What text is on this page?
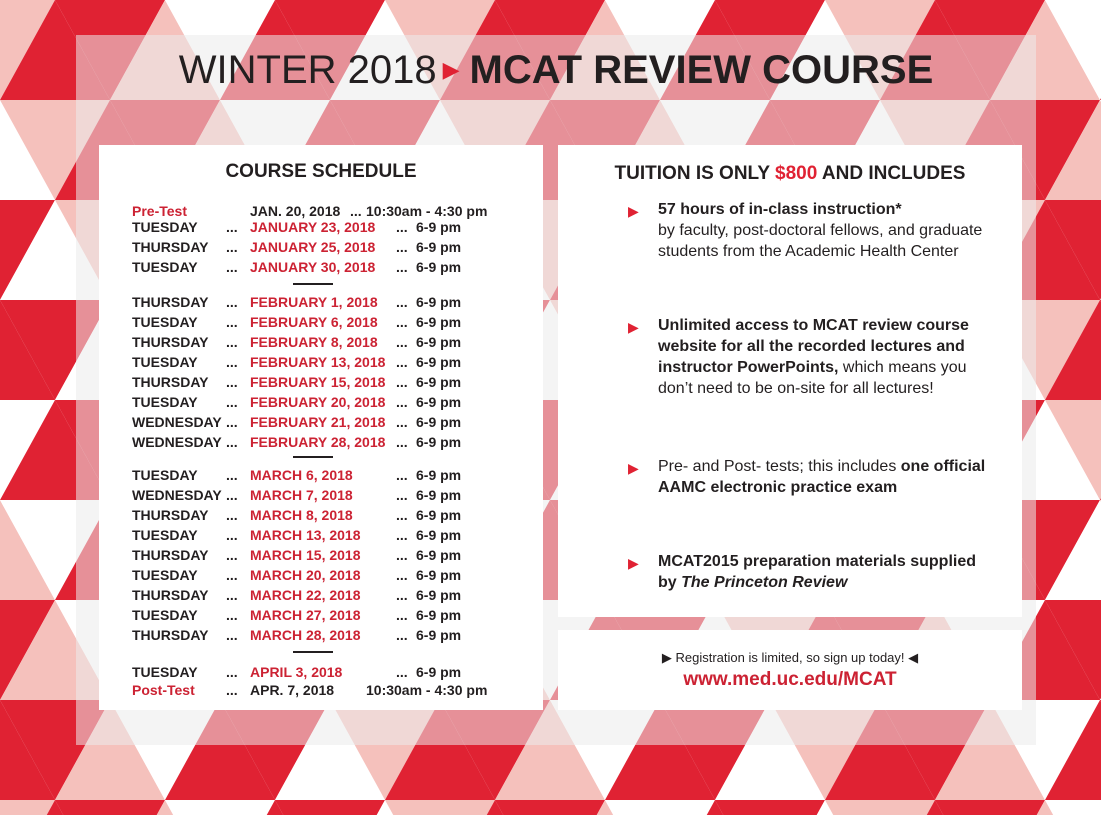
WINTER 2018 ▶ MCAT REVIEW COURSE
COURSE SCHEDULE
Pre-Test	JAN. 20, 2018 ... 10:30am - 4:30 pm
TUESDAY ... JANUARY 23, 2018 ... 6-9 pm
THURSDAY ... JANUARY 25, 2018 ... 6-9 pm
TUESDAY ... JANUARY 30, 2018 ... 6-9 pm
THURSDAY ... FEBRUARY 1, 2018 ... 6-9 pm
TUESDAY ... FEBRUARY 6, 2018 ... 6-9 pm
THURSDAY ... FEBRUARY 8, 2018 ... 6-9 pm
TUESDAY ... FEBRUARY 13, 2018 ... 6-9 pm
THURSDAY ... FEBRUARY 15, 2018 ... 6-9 pm
TUESDAY ... FEBRUARY 20, 2018 ... 6-9 pm
WEDNESDAY ... FEBRUARY 21, 2018 ... 6-9 pm
WEDNESDAY ... FEBRUARY 28, 2018 ... 6-9 pm
TUESDAY ... MARCH 6, 2018	... 6-9 pm
WEDNESDAY ... MARCH 7, 2018	... 6-9 pm
THURSDAY ... MARCH 8, 2018	... 6-9 pm
TUESDAY ... MARCH 13, 2018	... 6-9 pm
THURSDAY ... MARCH 15, 2018	... 6-9 pm
TUESDAY ... MARCH 20, 2018	... 6-9 pm
THURSDAY ... MARCH 22, 2018	... 6-9 pm
TUESDAY ... MARCH 27, 2018	... 6-9 pm
THURSDAY ... MARCH 28, 2018	... 6-9 pm
TUESDAY ... APRIL 3, 2018	... 6-9 pm
Post-Test ... APR. 7, 2018 10:30am - 4:30 pm
TUITION IS ONLY $800 AND INCLUDES
▶ 57 hours of in-class instruction*
by faculty, post-doctoral fellows, and graduate students from the Academic Health Center
▶ Unlimited access to MCAT review course website for all the recorded lectures and instructor PowerPoints, which means you don’t need to be on-site for all lectures!
▶ Pre- and Post- tests; this includes one official AAMC electronic practice exam
▶ MCAT2015 preparation materials supplied by The Princeton Review
▶ Registration is limited, so sign up today! ◀
www.med.uc.edu/MCAT
